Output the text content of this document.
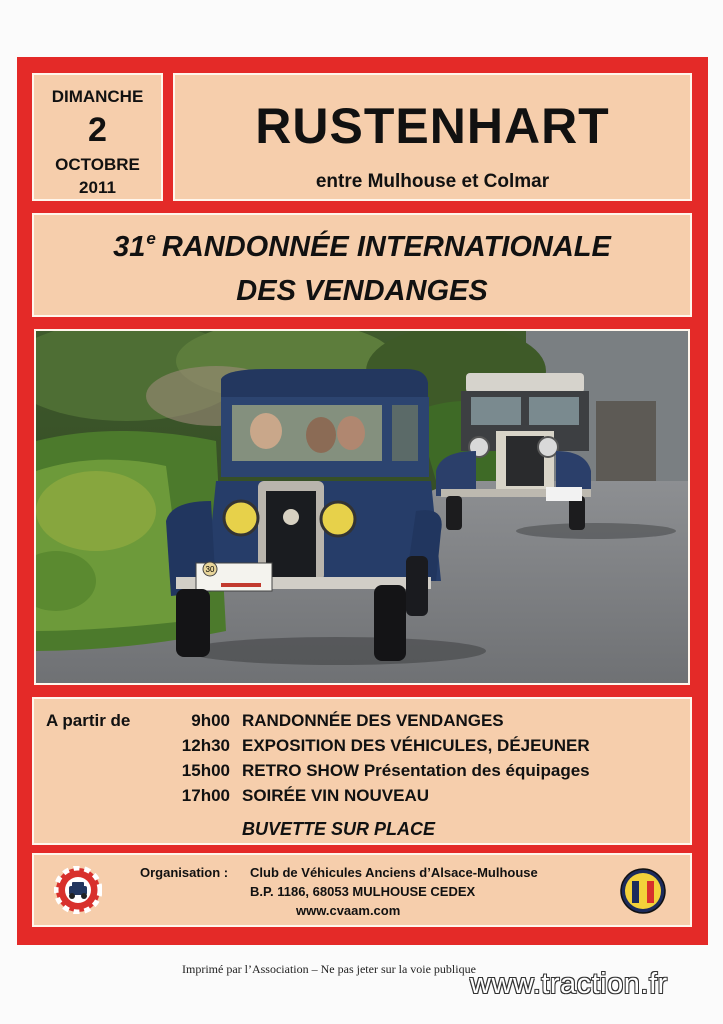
DIMANCHE
2
OCTOBRE
2011
RUSTENHART
entre Mulhouse et Colmar
31e RANDONNÉE INTERNATIONALE
DES VENDANGES
30
A partir de	9h00 RANDONNÉE DES VENDANGES
12h30 EXPOSITION DES VÉHICULES, DÉJEUNER
15h00 RETRO SHOW Présentation des équipages
17h00 SOIRÉE VIN NOUVEAU
BUVETTE SUR PLACE
Organisation : Club de Véhicules Anciens d’Alsace-Mulhouse
B.P. 1186, 68053 MULHOUSE CEDEX
www.cvaam.com
Imprimé par l’Association – Ne pas jeter sur la voie publique
www.traction.fr
